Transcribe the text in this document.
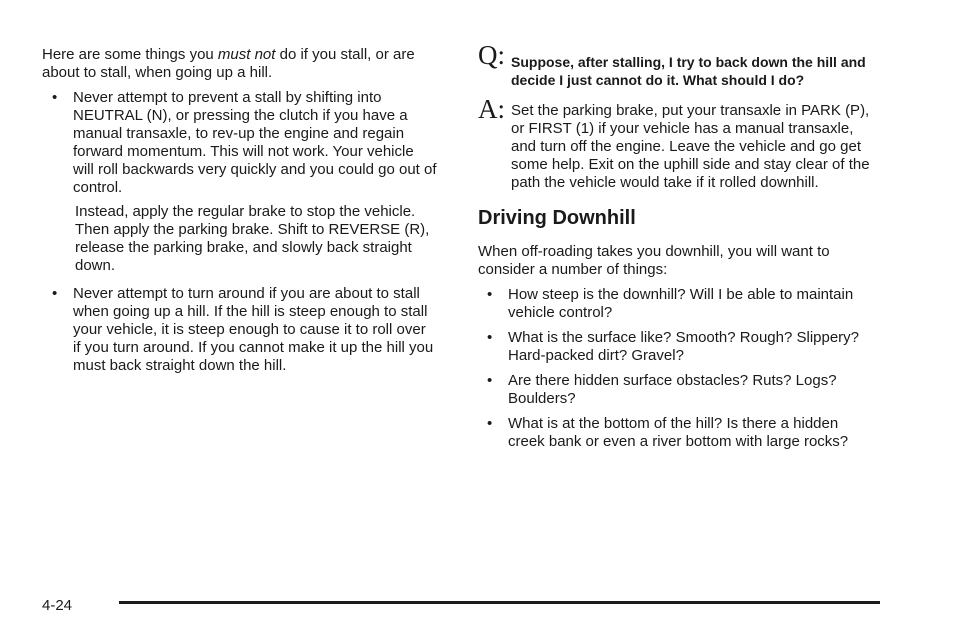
Here are some things you must not do if you stall, or are about to stall, when going up a hill.

• Never attempt to prevent a stall by shifting into NEUTRAL (N), or pressing the clutch if you have a manual transaxle, to rev-up the engine and regain forward momentum. This will not work. Your vehicle will roll backwards very quickly and you could go out of control.
Instead, apply the regular brake to stop the vehicle. Then apply the parking brake. Shift to REVERSE (R), release the parking brake, and slowly back straight down.
• Never attempt to turn around if you are about to stall when going up a hill. If the hill is steep enough to stall your vehicle, it is steep enough to cause it to roll over if you turn around. If you cannot make it up the hill you must back straight down the hill.
Q: Suppose, after stalling, I try to back down the hill and decide I just cannot do it. What should I do?
A: Set the parking brake, put your transaxle in PARK (P), or FIRST (1) if your vehicle has a manual transaxle, and turn off the engine. Leave the vehicle and go get some help. Exit on the uphill side and stay clear of the path the vehicle would take if it rolled downhill.
Driving Downhill

When off-roading takes you downhill, you will want to consider a number of things:

• How steep is the downhill? Will I be able to maintain vehicle control?
• What is the surface like? Smooth? Rough? Slippery? Hard-packed dirt? Gravel?
• Are there hidden surface obstacles? Ruts? Logs? Boulders?
• What is at the bottom of the hill? Is there a hidden creek bank or even a river bottom with large rocks?
4-24
